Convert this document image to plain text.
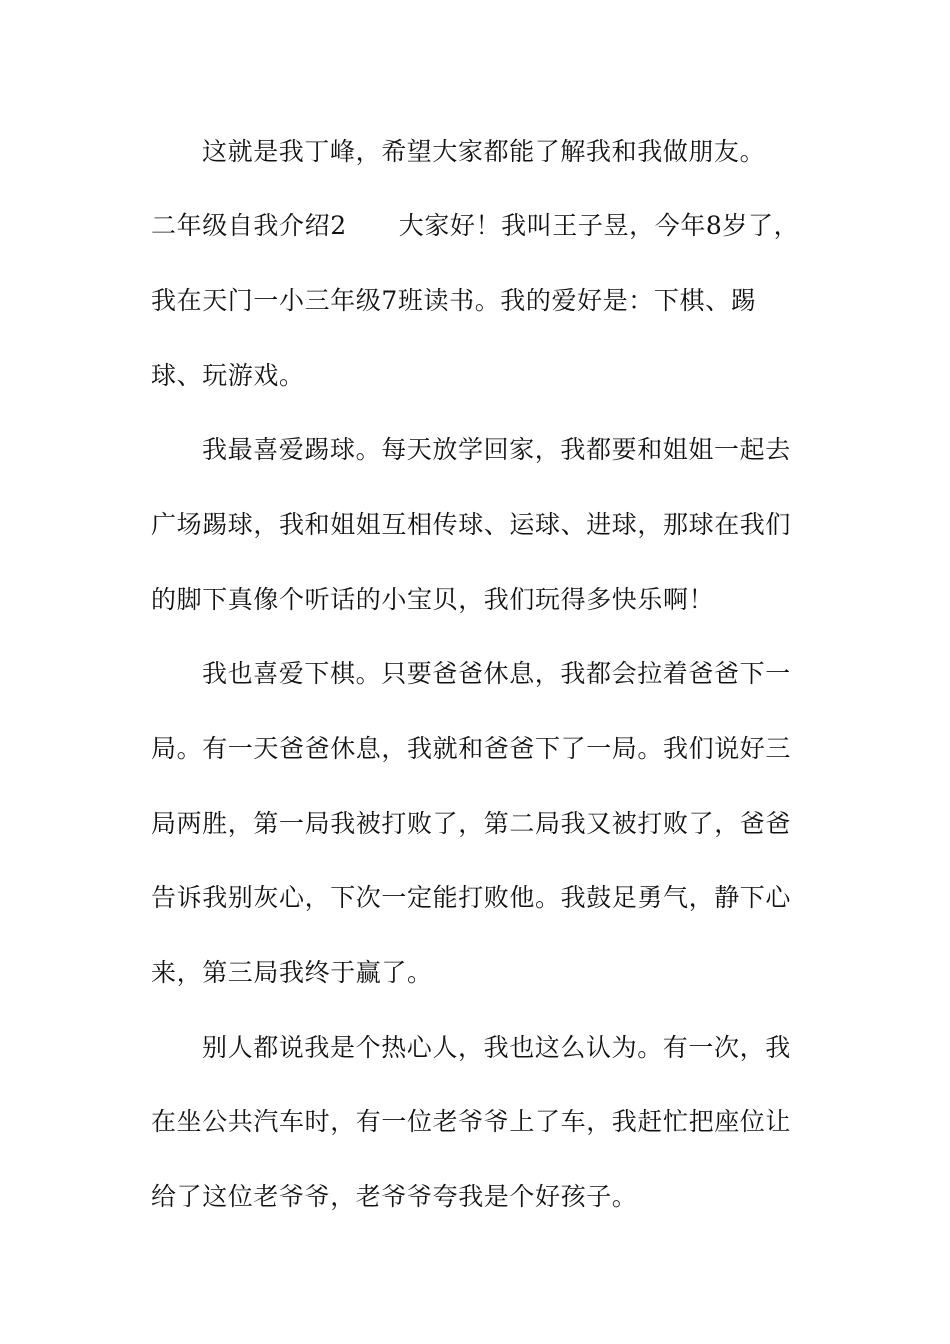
这就是我丁峰，希望大家都能了解我和我做朋友。
二年级自我介绍2 大家好！我叫王子昱，今年8岁了，
我在天门一小三年级7班读书。我的爱好是：下棋、踢
球、玩游戏。
我最喜爱踢球。每天放学回家，我都要和姐姐一起去
广场踢球，我和姐姐互相传球、运球、进球，那球在我们
的脚下真像个听话的小宝贝，我们玩得多快乐啊！
我也喜爱下棋。只要爸爸休息，我都会拉着爸爸下一
局。有一天爸爸休息，我就和爸爸下了一局。我们说好三
局两胜，第一局我被打败了，第二局我又被打败了，爸爸
告诉我别灰心，下次一定能打败他。我鼓足勇气，静下心
来，第三局我终于赢了。
别人都说我是个热心人，我也这么认为。有一次，我
在坐公共汽车时，有一位老爷爷上了车，我赶忙把座位让
给了这位老爷爷，老爷爷夸我是个好孩子。
